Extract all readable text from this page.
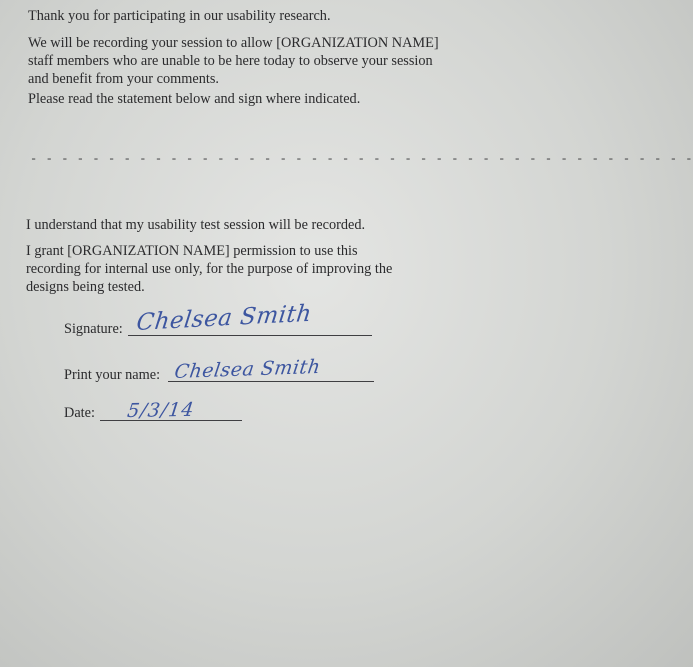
Thank you for participating in our usability research.

We will be recording your session to allow [ORGANIZATION NAME] staff members who are unable to be here today to observe your session and benefit from your comments.

Please read the statement below and sign where indicated.

- - - - - - - - - - - - - - - - - - - - - - - - - - - - - - - - - - - - - - - - - - -

I understand that my usability test session will be recorded.

I grant [ORGANIZATION NAME] permission to use this recording for internal use only, for the purpose of improving the designs being tested.

Signature: Chelsea Smith
Print your name: Chelsea Smith
Date: 5/3/14
